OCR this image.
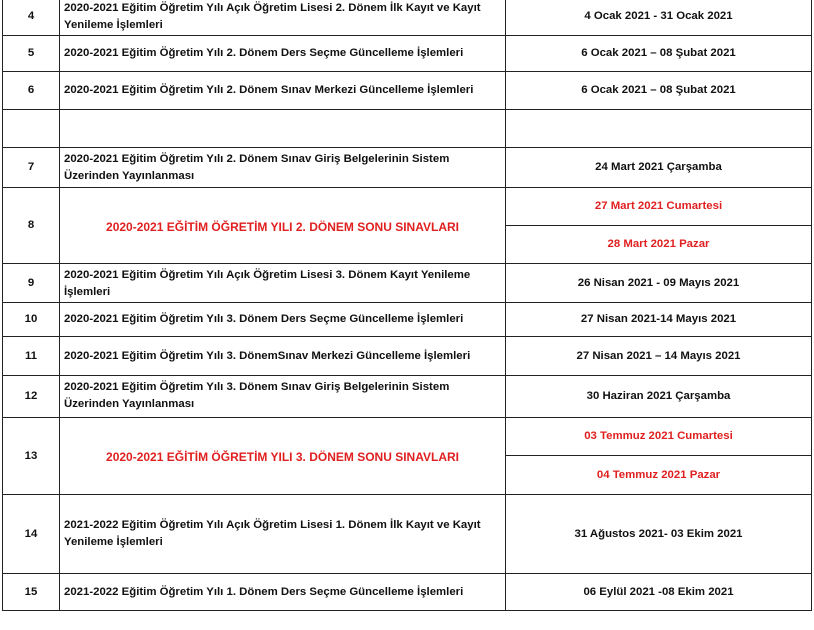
4	2020-2021 Eğitim Öğretim Yılı Açık Öğretim Lisesi 2. Dönem İlk Kayıt ve Kayıt
Yenileme İşlemleri	4 Ocak 2021 - 31 Ocak 2021
5	2020-2021 Eğitim Öğretim Yılı 2. Dönem Ders Seçme Güncelleme İşlemleri	6 Ocak 2021 – 08 Şubat 2021
6	2020-2021 Eğitim Öğretim Yılı 2. Dönem Sınav Merkezi Güncelleme İşlemleri	6 Ocak 2021 – 08 Şubat 2021

7	2020-2021 Eğitim Öğretim Yılı 2. Dönem Sınav Giriş Belgelerinin Sistem
Üzerinden Yayınlanması	24 Mart 2021 Çarşamba
8	2020-2021 EĞİTİM ÖĞRETİM YILI 2. DÖNEM SONU SINAVLARI	27 Mart 2021 Cumartesi
		28 Mart 2021 Pazar
9	2020-2021 Eğitim Öğretim Yılı Açık Öğretim Lisesi 3. Dönem Kayıt Yenileme
İşlemleri	26 Nisan 2021 - 09 Mayıs 2021
10	2020-2021 Eğitim Öğretim Yılı 3. Dönem Ders Seçme Güncelleme İşlemleri	27 Nisan 2021-14 Mayıs 2021
11	2020-2021 Eğitim Öğretim Yılı 3. DönemSınav Merkezi Güncelleme İşlemleri	27 Nisan 2021 – 14 Mayıs 2021
12	2020-2021 Eğitim Öğretim Yılı 3. Dönem Sınav Giriş Belgelerinin Sistem
Üzerinden Yayınlanması	30 Haziran 2021 Çarşamba
13	2020-2021 EĞİTİM ÖĞRETİM YILI 3. DÖNEM SONU SINAVLARI	03 Temmuz 2021 Cumartesi
		04 Temmuz 2021 Pazar
14	2021-2022 Eğitim Öğretim Yılı Açık Öğretim Lisesi 1. Dönem İlk Kayıt ve Kayıt
Yenileme İşlemleri	31 Ağustos 2021- 03 Ekim 2021
15	2021-2022 Eğitim Öğretim Yılı 1. Dönem Ders Seçme Güncelleme İşlemleri	06 Eylül 2021 -08 Ekim 2021
